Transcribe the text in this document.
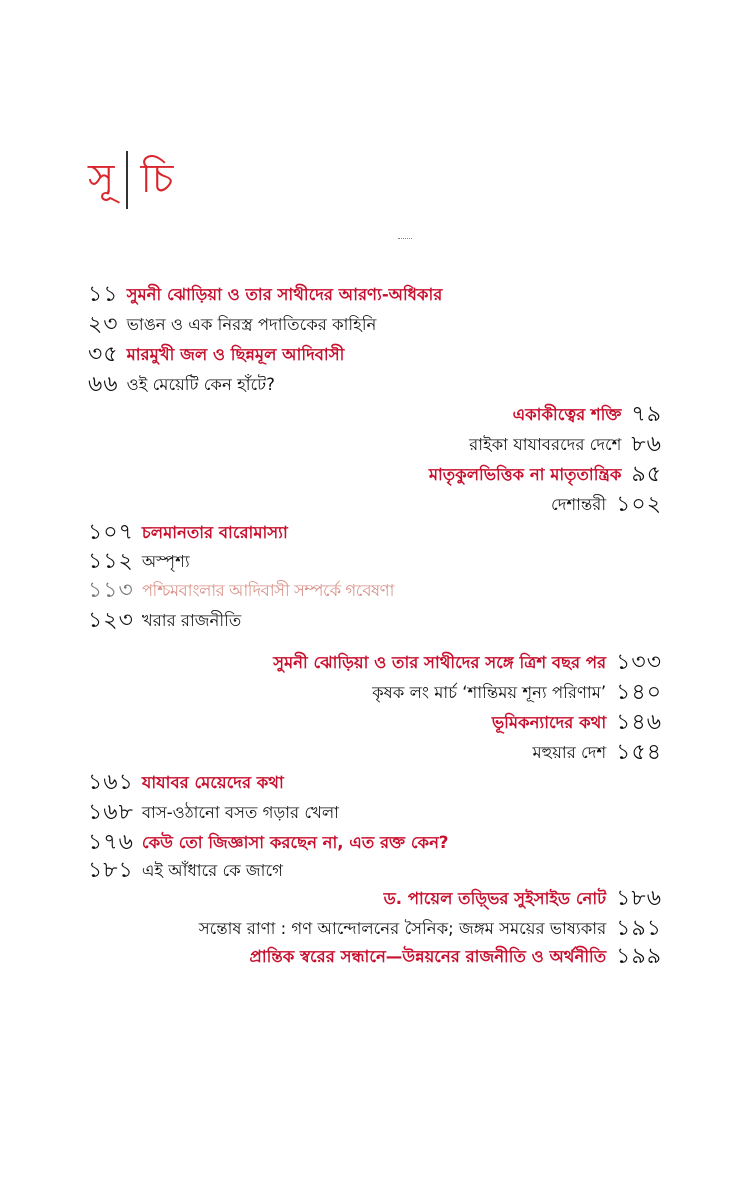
সূ চি
১১ সুমনী ঝোড়িয়া ও তার সাথীদের আরণ্য-অধিকার
২৩ ভাঙন ও এক নিরস্ত্র পদাতিকের কাহিনি
৩৫ মারমুখী জল ও ছিন্নমূল আদিবাসী
৬৬ ওই মেয়েটি কেন হাঁটে?
একাকীত্বের শক্তি ৭৯
রাইকা যাযাবরদের দেশে ৮৬
মাতৃকুলভিত্তিক না মাতৃতান্ত্রিক ৯৫
দেশান্তরী ১০২
১০৭ চলমানতার বারোমাস্যা
১১২ অস্পৃশ্য
১১৩ পশ্চিমবাংলার আদিবাসী সম্পর্কে গবেষণা
১২৩ খরার রাজনীতি
সুমনী ঝোড়িয়া ও তার সাথীদের সঙ্গে ত্রিশ বছর পর ১৩৩
কৃষক লং মার্চ ‘শান্তিময় শূন্য পরিণাম’ ১৪০
ভূমিকন্যাদের কথা ১৪৬
মহুয়ার দেশ ১৫৪
১৬১ যাযাবর মেয়েদের কথা
১৬৮ বাস-ওঠানো বসত গড়ার খেলা
১৭৬ কেউ তো জিজ্ঞাসা করছেন না, এত রক্ত কেন?
১৮১ এই আঁধারে কে জাগে
ড. পায়েল তড়্ভির সুইসাইড নোট ১৮৬
সন্তোষ রাণা : গণ আন্দোলনের সৈনিক; জঙ্গম সময়ের ভাষ্যকার ১৯১
প্রান্তিক স্বরের সন্ধানে—উন্নয়নের রাজনীতি ও অর্থনীতি ১৯৯
